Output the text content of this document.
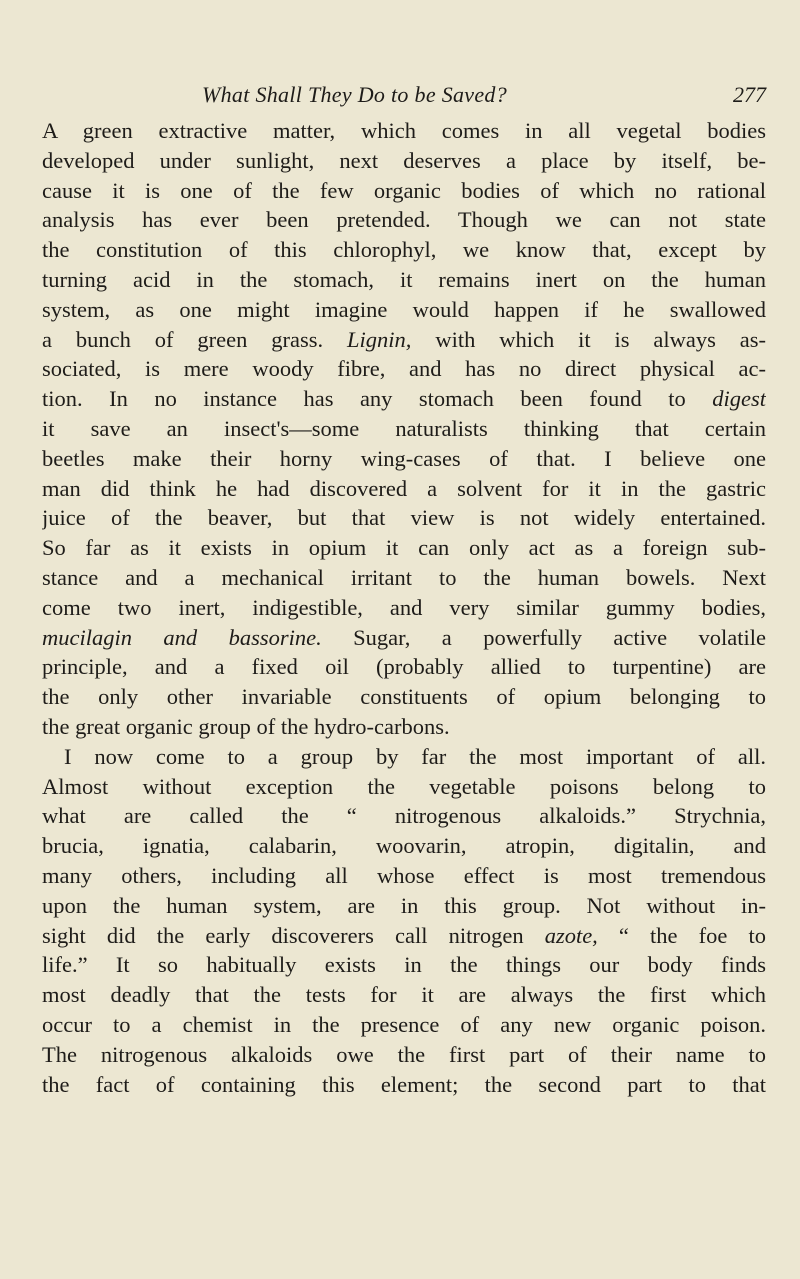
What Shall They Do to be Saved?	277
A green extractive matter, which comes in all vegetal bodies
developed under sunlight, next deserves a place by itself, be-
cause it is one of the few organic bodies of which no rational
analysis has ever been pretended. Though we can not state
the constitution of this chlorophyl, we know that, except by
turning acid in the stomach, it remains inert on the human
system, as one might imagine would happen if he swallowed
a bunch of green grass. Lignin, with which it is always as-
sociated, is mere woody fibre, and has no direct physical ac-
tion. In no instance has any stomach been found to digest
it save an insect's—some naturalists thinking that certain
beetles make their horny wing-cases of that. I believe one
man did think he had discovered a solvent for it in the gastric
juice of the beaver, but that view is not widely entertained.
So far as it exists in opium it can only act as a foreign sub-
stance and a mechanical irritant to the human bowels. Next
come two inert, indigestible, and very similar gummy bodies,
mucilagin and bassorine. Sugar, a powerfully active volatile
principle, and a fixed oil (probably allied to turpentine) are
the only other invariable constituents of opium belonging to
the great organic group of the hydro-carbons.
I now come to a group by far the most important of all.
Almost without exception the vegetable poisons belong to
what are called the “ nitrogenous alkaloids.” Strychnia,
brucia, ignatia, calabarin, woovarin, atropin, digitalin, and
many others, including all whose effect is most tremendous
upon the human system, are in this group. Not without in-
sight did the early discoverers call nitrogen azote, “ the foe to
life.” It so habitually exists in the things our body finds
most deadly that the tests for it are always the first which
occur to a chemist in the presence of any new organic poison.
The nitrogenous alkaloids owe the first part of their name to
the fact of containing this element; the second part to that
